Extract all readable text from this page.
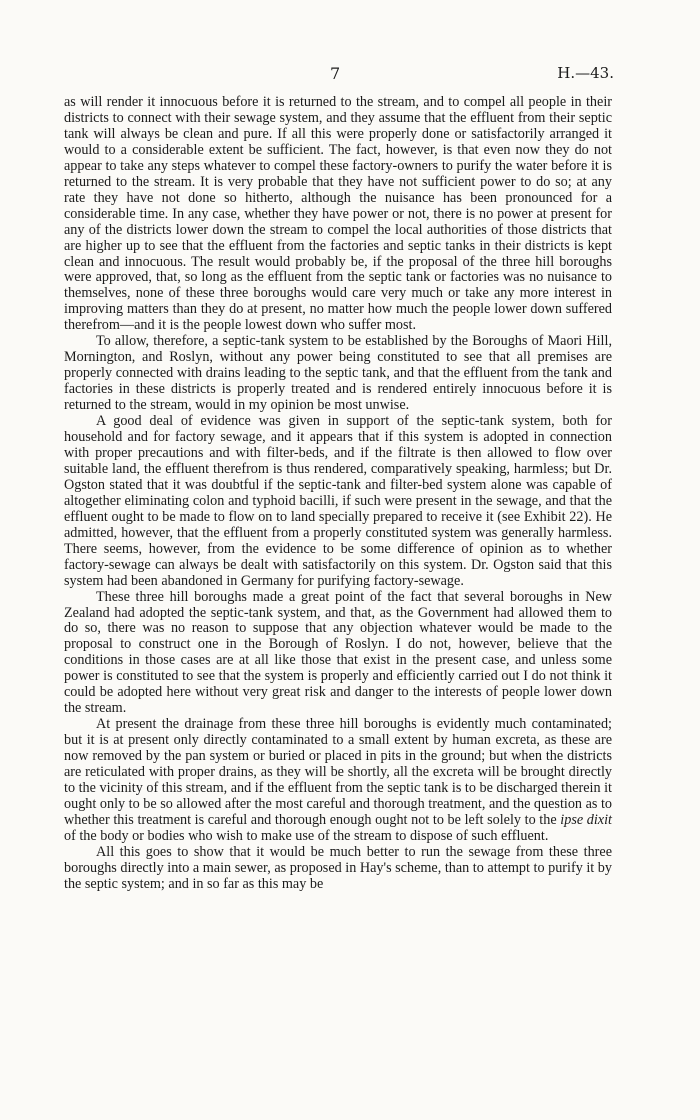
7	H.—43.

as will render it innocuous before it is returned to the stream, and to compel all people in their districts to connect with their sewage system, and they assume that the effluent from their septic tank will always be clean and pure. If all this were properly done or satisfactorily arranged it would to a considerable extent be sufficient. The fact, however, is that even now they do not appear to take any steps whatever to compel these factory-owners to purify the water before it is returned to the stream. It is very probable that they have not sufficient power to do so; at any rate they have not done so hitherto, although the nuisance has been pronounced for a considerable time. In any case, whether they have power or not, there is no power at present for any of the districts lower down the stream to compel the local authorities of those districts that are higher up to see that the effluent from the factories and septic tanks in their districts is kept clean and innocuous. The result would probably be, if the proposal of the three hill boroughs were approved, that, so long as the effluent from the septic tank or factories was no nuisance to themselves, none of these three boroughs would care very much or take any more interest in improving matters than they do at present, no matter how much the people lower down suffered therefrom—and it is the people lowest down who suffer most.

To allow, therefore, a septic-tank system to be established by the Boroughs of Maori Hill, Mornington, and Roslyn, without any power being constituted to see that all premises are properly connected with drains leading to the septic tank, and that the effluent from the tank and factories in these districts is properly treated and is rendered entirely innocuous before it is returned to the stream, would in my opinion be most unwise.

A good deal of evidence was given in support of the septic-tank system, both for household and for factory sewage, and it appears that if this system is adopted in connection with proper precautions and with filter-beds, and if the filtrate is then allowed to flow over suitable land, the effluent therefrom is thus rendered, comparatively speaking, harmless; but Dr. Ogston stated that it was doubtful if the septic-tank and filter-bed system alone was capable of altogether eliminating colon and typhoid bacilli, if such were present in the sewage, and that the effluent ought to be made to flow on to land specially prepared to receive it (see Exhibit 22). He admitted, however, that the effluent from a properly constituted system was generally harmless. There seems, however, from the evidence to be some difference of opinion as to whether factory-sewage can always be dealt with satisfactorily on this system. Dr. Ogston said that this system had been abandoned in Germany for purifying factory-sewage.

These three hill boroughs made a great point of the fact that several boroughs in New Zealand had adopted the septic-tank system, and that, as the Government had allowed them to do so, there was no reason to suppose that any objection whatever would be made to the proposal to construct one in the Borough of Roslyn. I do not, however, believe that the conditions in those cases are at all like those that exist in the present case, and unless some power is constituted to see that the system is properly and efficiently carried out I do not think it could be adopted here without very great risk and danger to the interests of people lower down the stream.

At present the drainage from these three hill boroughs is evidently much contaminated; but it is at present only directly contaminated to a small extent by human excreta, as these are now removed by the pan system or buried or placed in pits in the ground; but when the districts are reticulated with proper drains, as they will be shortly, all the excreta will be brought directly to the vicinity of this stream, and if the effluent from the septic tank is to be discharged therein it ought only to be so allowed after the most careful and thorough treatment, and the question as to whether this treatment is careful and thorough enough ought not to be left solely to the ipse dixit of the body or bodies who wish to make use of the stream to dispose of such effluent.

All this goes to show that it would be much better to run the sewage from these three boroughs directly into a main sewer, as proposed in Hay's scheme, than to attempt to purify it by the septic system; and in so far as this may be
